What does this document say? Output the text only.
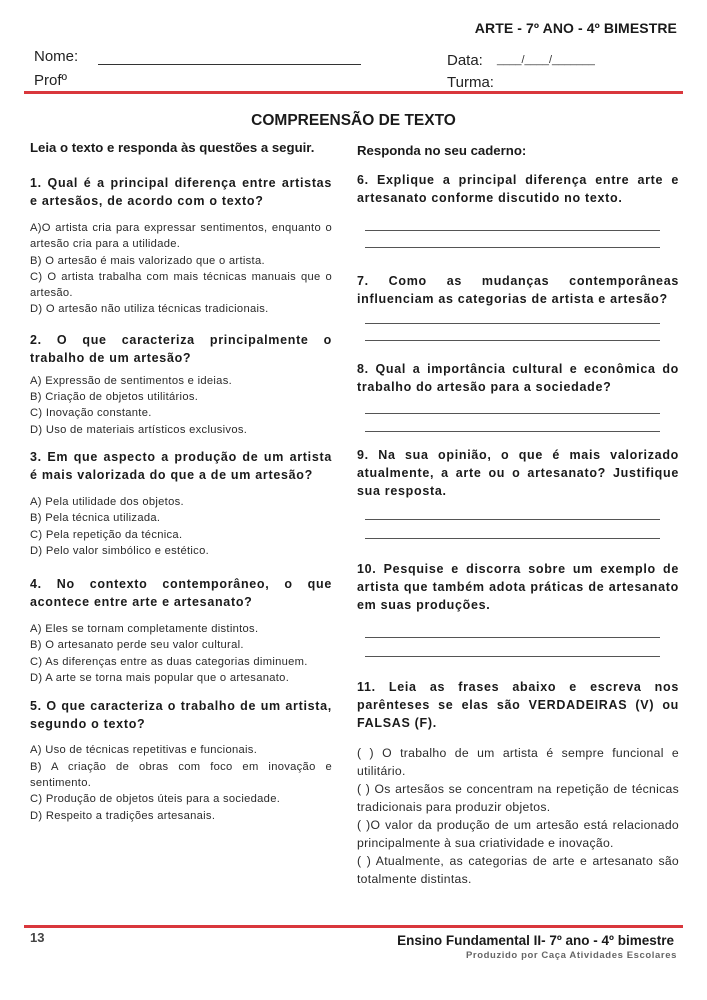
ARTE - 7º ANO - 4º BIMESTRE
Nome:
Profº
Data: ____/____/_______
Turma:
COMPREENSÃO DE TEXTO
Leia o texto e responda às questões a seguir.
1. Qual é a principal diferença entre artistas e artesãos, de acordo com o texto?
A)O artista cria para expressar sentimentos, enquanto o artesão cria para a utilidade.
B) O artesão é mais valorizado que o artista.
C) O artista trabalha com mais técnicas manuais que o artesão.
D) O artesão não utiliza técnicas tradicionais.
2. O que caracteriza principalmente o trabalho de um artesão?
A) Expressão de sentimentos e ideias.
B) Criação de objetos utilitários.
C) Inovação constante.
D) Uso de materiais artísticos exclusivos.
3. Em que aspecto a produção de um artista é mais valorizada do que a de um artesão?
A) Pela utilidade dos objetos.
B) Pela técnica utilizada.
C) Pela repetição da técnica.
D) Pelo valor simbólico e estético.
4. No contexto contemporâneo, o que acontece entre arte e artesanato?
A) Eles se tornam completamente distintos.
B) O artesanato perde seu valor cultural.
C) As diferenças entre as duas categorias diminuem.
D) A arte se torna mais popular que o artesanato.
5. O que caracteriza o trabalho de um artista, segundo o texto?
A) Uso de técnicas repetitivas e funcionais.
B) A criação de obras com foco em inovação e sentimento.
C) Produção de objetos úteis para a sociedade.
D) Respeito a tradições artesanais.
Responda no seu caderno:
6. Explique a principal diferença entre arte e artesanato conforme discutido no texto.
7. Como as mudanças contemporâneas influenciam as categorias de artista e artesão?
8. Qual a importância cultural e econômica do trabalho do artesão para a sociedade?
9. Na sua opinião, o que é mais valorizado atualmente, a arte ou o artesanato? Justifique sua resposta.
10. Pesquise e discorra sobre um exemplo de artista que também adota práticas de artesanato em suas produções.
11. Leia as frases abaixo e escreva nos parênteses se elas são VERDADEIRAS (V) ou FALSAS (F).
( ) O trabalho de um artista é sempre funcional e utilitário.
( ) Os artesãos se concentram na repetição de técnicas tradicionais para produzir objetos.
( )O valor da produção de um artesão está relacionado principalmente à sua criatividade e inovação.
( ) Atualmente, as categorias de arte e artesanato são totalmente distintas.
13	Ensino Fundamental II- 7º ano - 4º bimestre
Produzido por Caça Atividades Escolares
